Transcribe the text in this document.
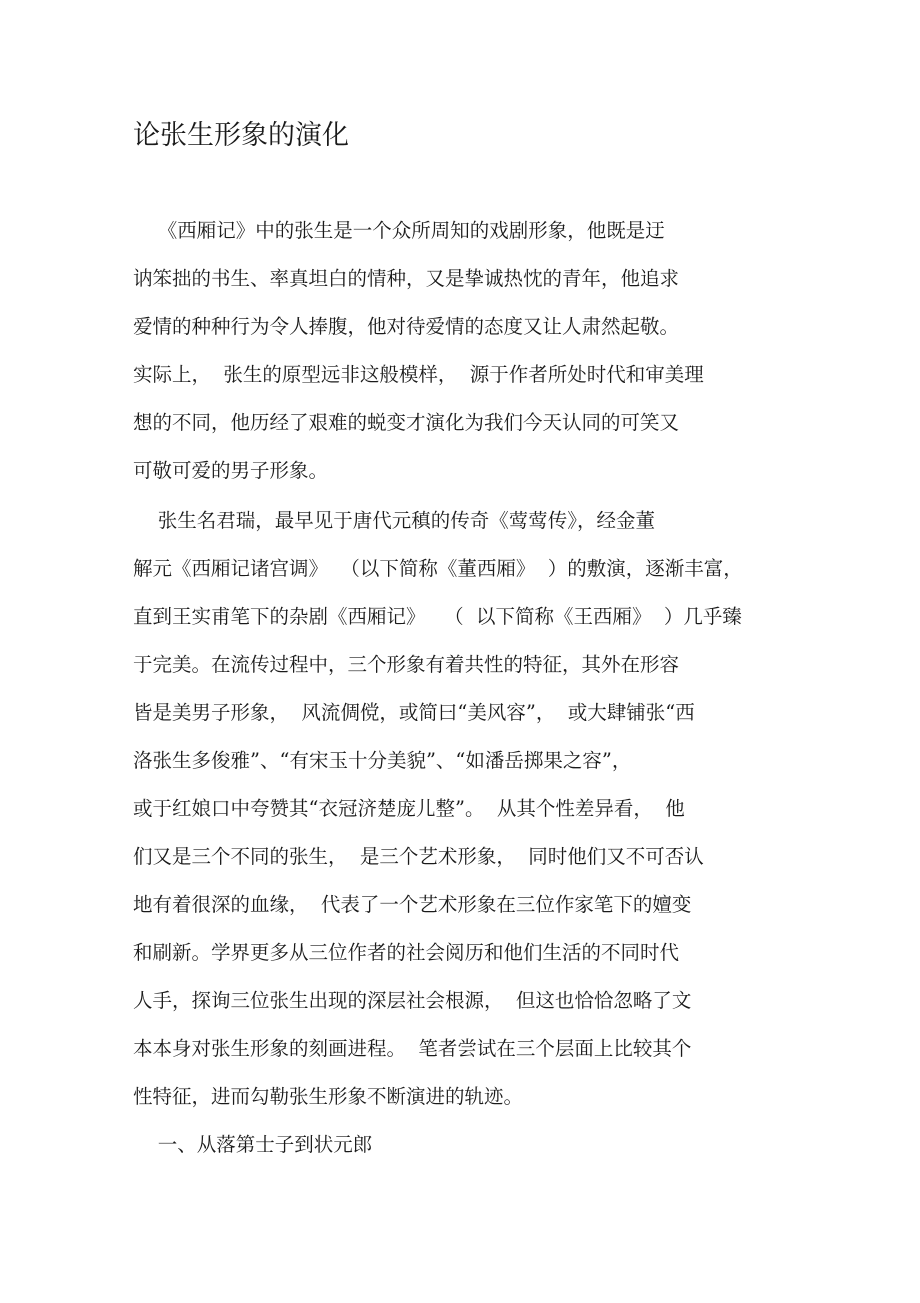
论张生形象的演化
《西厢记》中的张生是一个众所周知的戏剧形象，他既是迂
讷笨拙的书生、率真坦白的情种，又是挚诚热忱的青年，他追求
爱情的种种行为令人捧腹，他对待爱情的态度又让人肃然起敬。
实际上，  张生的原型远非这般模样，  源于作者所处时代和审美理
想的不同，他历经了艰难的蜕变才演化为我们今天认同的可笑又
可敬可爱的男子形象。
张生名君瑞，最早见于唐代元稹的传奇《莺莺传》，经金董
解元《西厢记诸宫调》  （以下简称《董西厢》  ）的敷演，逐渐丰富，
直到王实甫笔下的杂剧《西厢记》   （  以下简称《王西厢》  ）几乎臻
于完美。在流传过程中，三个形象有着共性的特征，其外在形容
皆是美男子形象，  风流倜傥，或简曰“美风容”，  或大肆铺张“西
洛张生多俊雅”、“有宋玉十分美貌”、“如潘岳掷果之容”，
或于红娘口中夸赞其“衣冠济楚庞儿整”。  从其个性差异看，  他
们又是三个不同的张生，  是三个艺术形象，  同时他们又不可否认
地有着很深的血缘，  代表了一个艺术形象在三位作家笔下的嬗变
和刷新。学界更多从三位作者的社会阅历和他们生活的不同时代
人手，探询三位张生出现的深层社会根源，  但这也恰恰忽略了文
本本身对张生形象的刻画进程。  笔者尝试在三个层面上比较其个
性特征，进而勾勒张生形象不断演进的轨迹。
一、从落第士子到状元郎
